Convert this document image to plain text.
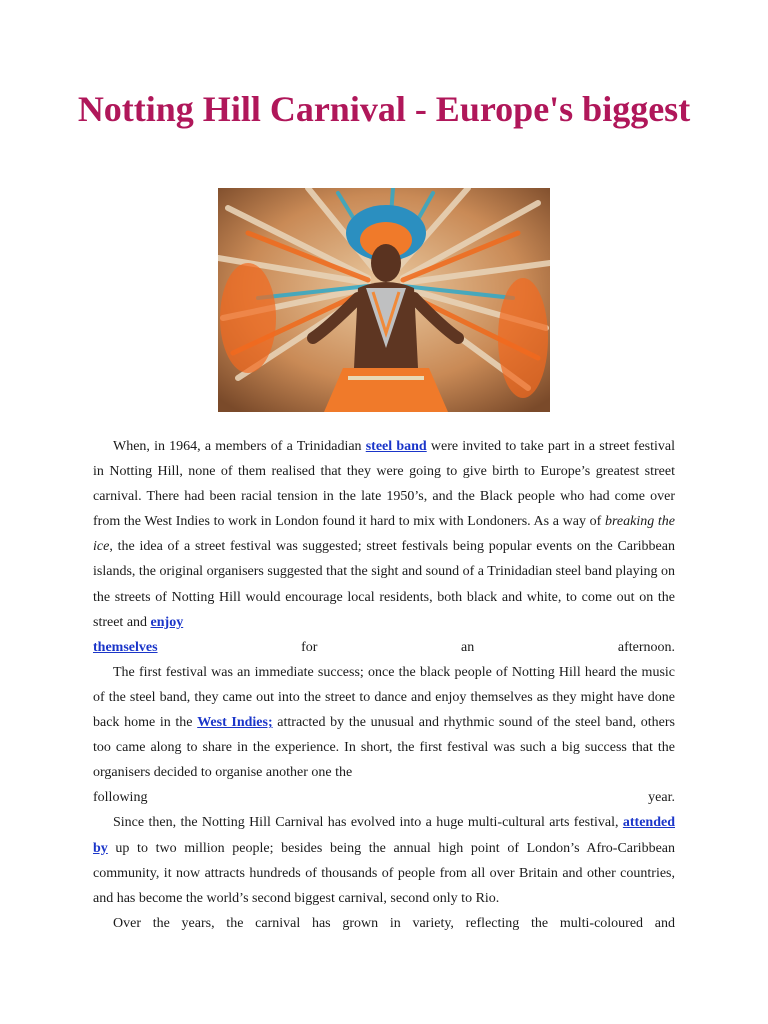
Notting Hill Carnival - Europe's biggest

When, in 1964, a members of a Trinidadian steel band were invited to take part in a street festival in Notting Hill, none of them realised that they were going to give birth to Europe’s greatest street carnival. There had been racial tension in the late 1950’s, and the Black people who had come over from the West Indies to work in London found it hard to mix with Londoners. As a way of breaking the ice, the idea of a street festival was suggested; street festivals being popular events on the Caribbean islands, the original organisers suggested that the sight and sound of a Trinidadian steel band playing on the streets of Notting Hill would encourage local residents, both black and white, to come out on the street and enjoy
themselves	for an afternoon.

The first festival was an immediate success; once the black people of Notting Hill heard the music of the steel band, they came out into the street to dance and enjoy themselves as they might have done back home in the West Indies; attracted by the unusual and rhythmic sound of the steel band, others too came along to share in the experience. In short, the first festival was such a big success that the organisers decided to organise another one the
following year.

Since then, the Notting Hill Carnival has evolved into a huge multi-cultural arts festival, attended by up to two million people; besides being the annual high point of London’s Afro-Caribbean community, it now attracts hundreds of thousands of people from all over Britain and other countries, and has become the world’s second biggest carnival, second only to Rio.

Over the years, the carnival has grown in variety, reflecting the multi-coloured and
